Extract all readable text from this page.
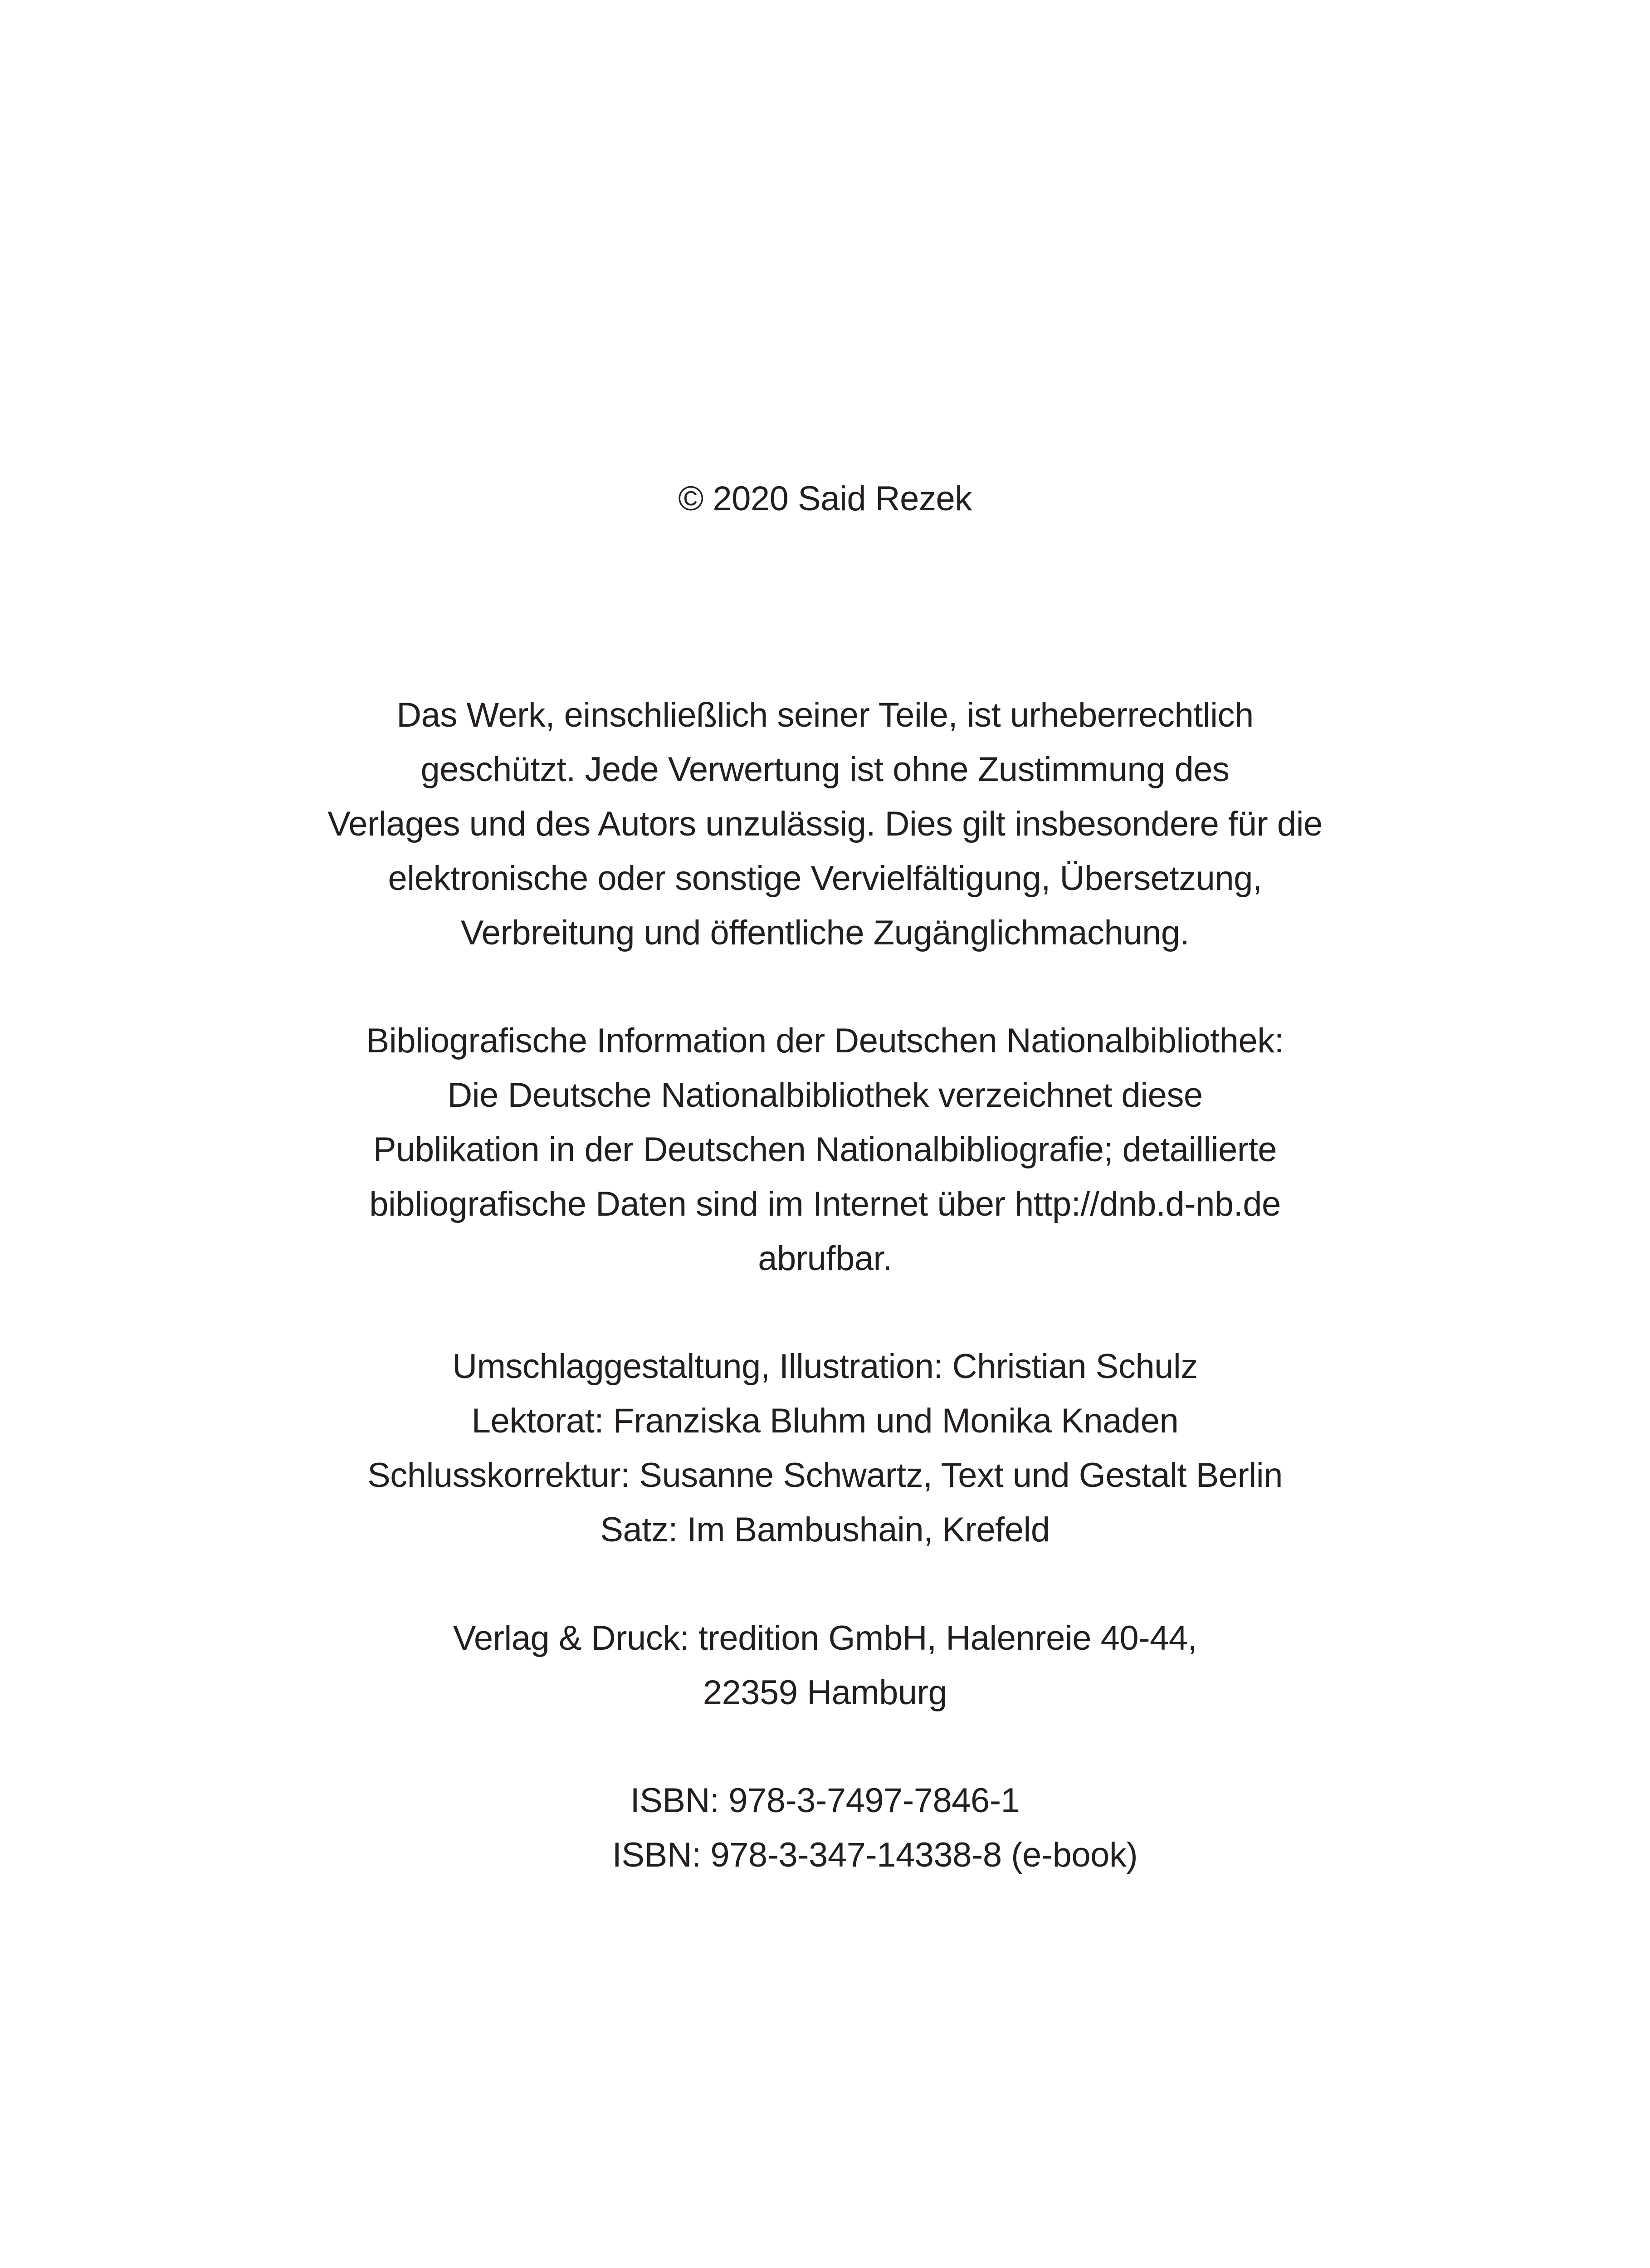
© 2020 Said Rezek
Das Werk, einschließlich seiner Teile, ist urheberrechtlich
geschützt. Jede Verwertung ist ohne Zustimmung des
Verlages und des Autors unzulässig. Dies gilt insbesondere für die
elektronische oder sonstige Vervielfältigung, Übersetzung,
Verbreitung und öffentliche Zugänglichmachung.
Bibliografische Information der Deutschen Nationalbibliothek:
Die Deutsche Nationalbibliothek verzeichnet diese
Publikation in der Deutschen Nationalbibliografie; detaillierte
bibliografische Daten sind im Internet über http://dnb.d-nb.de
abrufbar.
Umschlaggestaltung, Illustration: Christian Schulz
Lektorat: Franziska Bluhm und Monika Knaden
Schlusskorrektur: Susanne Schwartz, Text und Gestalt Berlin
Satz: Im Bambushain, Krefeld
Verlag & Druck: tredition GmbH, Halenreie 40-44,
22359 Hamburg
ISBN: 978-3-7497-7846-1
ISBN: 978-3-347-14338-8 (e-book)
